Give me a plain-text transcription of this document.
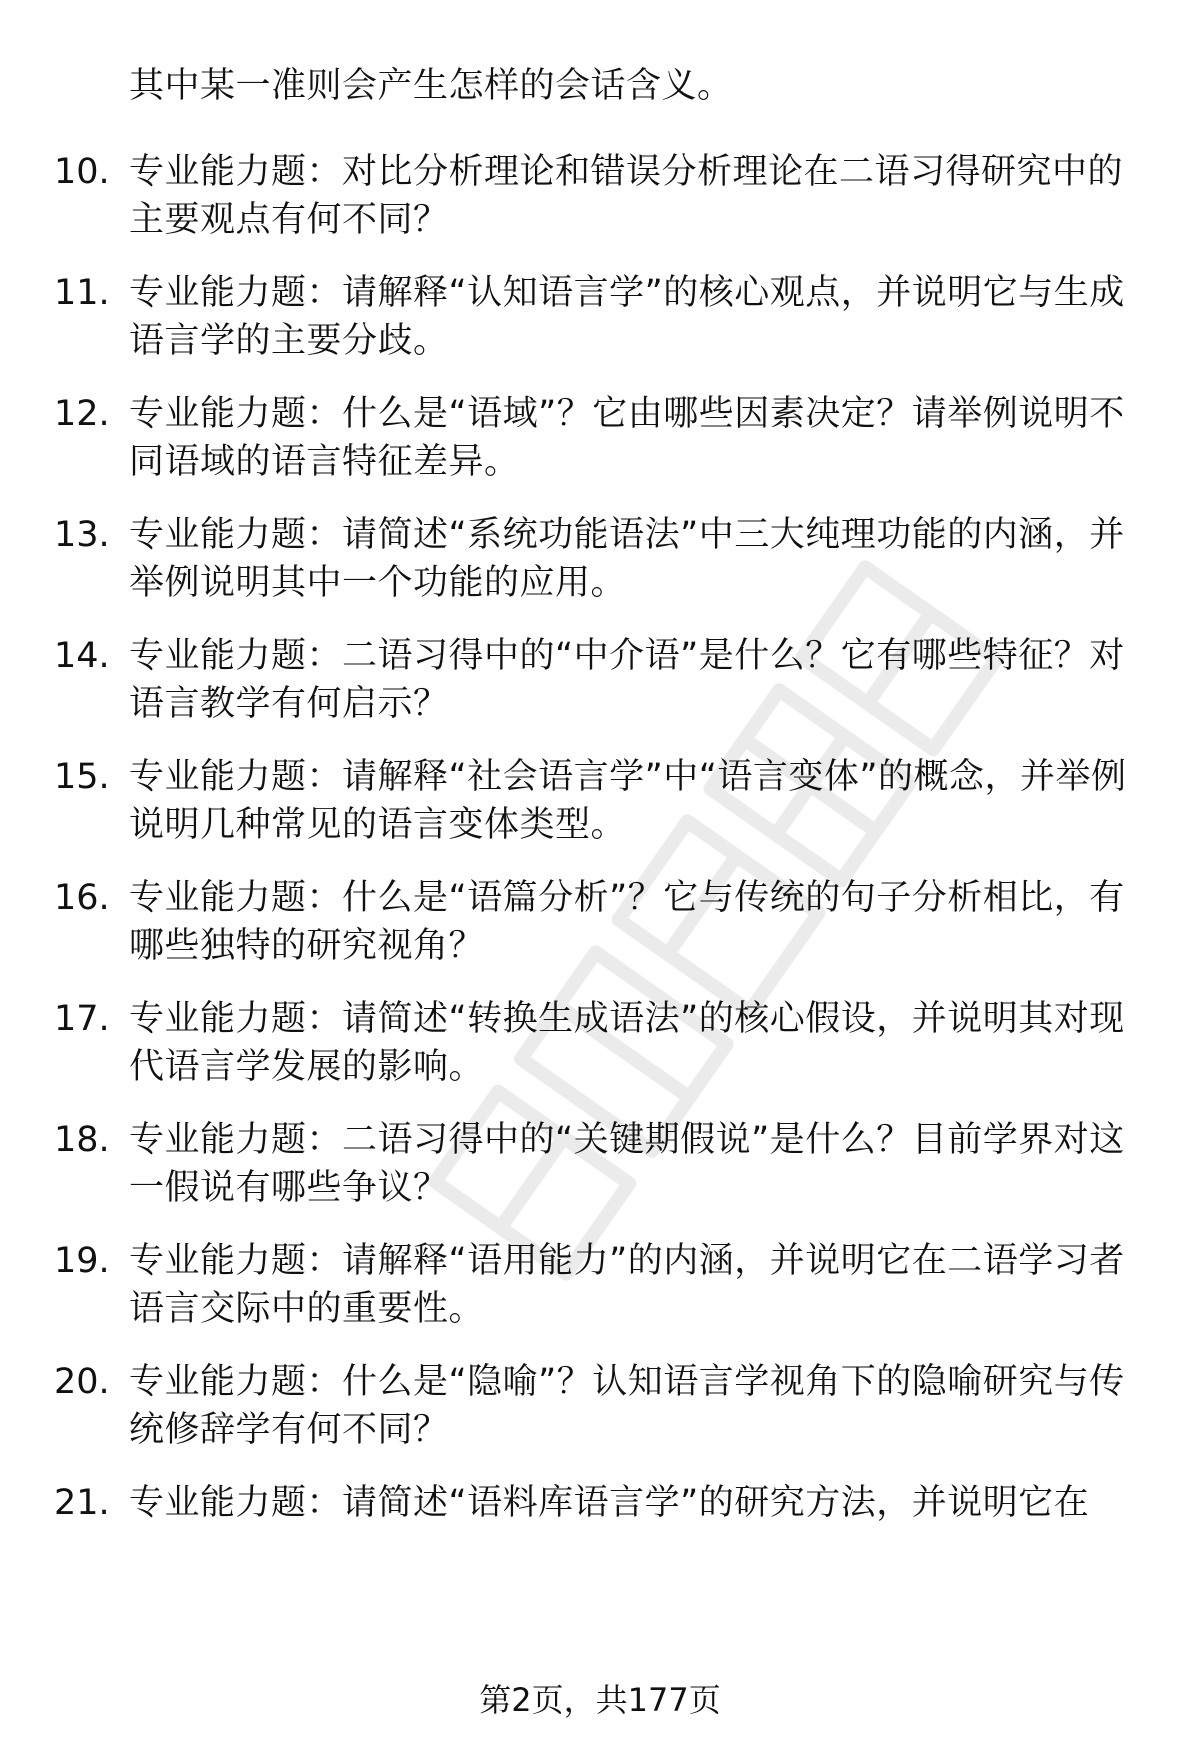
其中某一准则会产生怎样的会话含义。
10. 专业能力题：对比分析理论和错误分析理论在二语习得研究中的主要观点有何不同？
11. 专业能力题：请解释“认知语言学”的核心观点，并说明它与生成语言学的主要分歧。
12. 专业能力题：什么是“语域”？它由哪些因素决定？请举例说明不同语域的语言特征差异。
13. 专业能力题：请简述“系统功能语法”中三大纯理功能的内涵，并举例说明其中一个功能的应用。
14. 专业能力题：二语习得中的“中介语”是什么？它有哪些特征？对语言教学有何启示？
15. 专业能力题：请解释“社会语言学”中“语言变体”的概念，并举例说明几种常见的语言变体类型。
16. 专业能力题：什么是“语篇分析”？它与传统的句子分析相比，有哪些独特的研究视角？
17. 专业能力题：请简述“转换生成语法”的核心假设，并说明其对现代语言学发展的影响。
18. 专业能力题：二语习得中的“关键期假说”是什么？目前学界对这一假说有哪些争议？
19. 专业能力题：请解释“语用能力”的内涵，并说明它在二语学习者语言交际中的重要性。
20. 专业能力题：什么是“隐喻”？认知语言学视角下的隐喻研究与传统修辞学有何不同？
21. 专业能力题：请简述“语料库语言学”的研究方法，并说明它在
第2页，共177页
